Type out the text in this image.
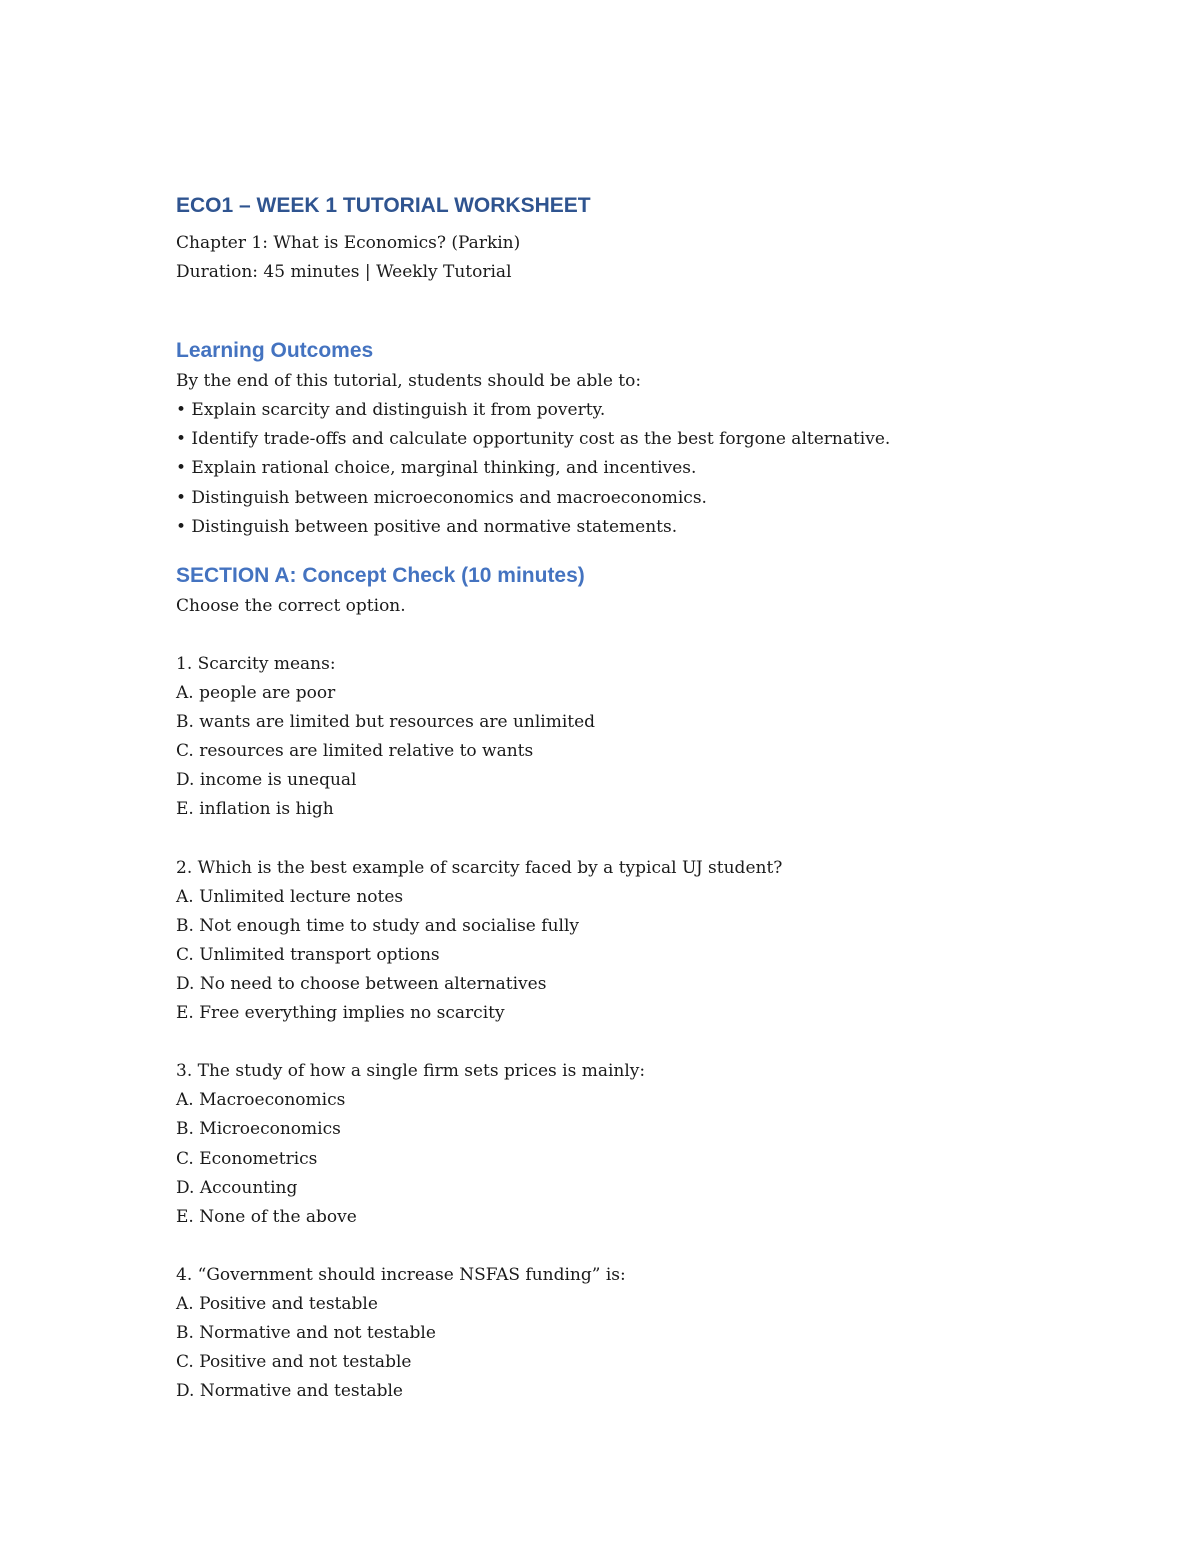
ECO1 – WEEK 1 TUTORIAL WORKSHEET
Chapter 1: What is Economics? (Parkin)
Duration: 45 minutes | Weekly Tutorial
Learning Outcomes
By the end of this tutorial, students should be able to:
• Explain scarcity and distinguish it from poverty.
• Identify trade-offs and calculate opportunity cost as the best forgone alternative.
• Explain rational choice, marginal thinking, and incentives.
• Distinguish between microeconomics and macroeconomics.
• Distinguish between positive and normative statements.
SECTION A: Concept Check (10 minutes)
Choose the correct option.
1. Scarcity means:
A. people are poor
B. wants are limited but resources are unlimited
C. resources are limited relative to wants
D. income is unequal
E. inflation is high
2. Which is the best example of scarcity faced by a typical UJ student?
A. Unlimited lecture notes
B. Not enough time to study and socialise fully
C. Unlimited transport options
D. No need to choose between alternatives
E. Free everything implies no scarcity
3. The study of how a single firm sets prices is mainly:
A. Macroeconomics
B. Microeconomics
C. Econometrics
D. Accounting
E. None of the above
4. “Government should increase NSFAS funding” is:
A. Positive and testable
B. Normative and not testable
C. Positive and not testable
D. Normative and testable
